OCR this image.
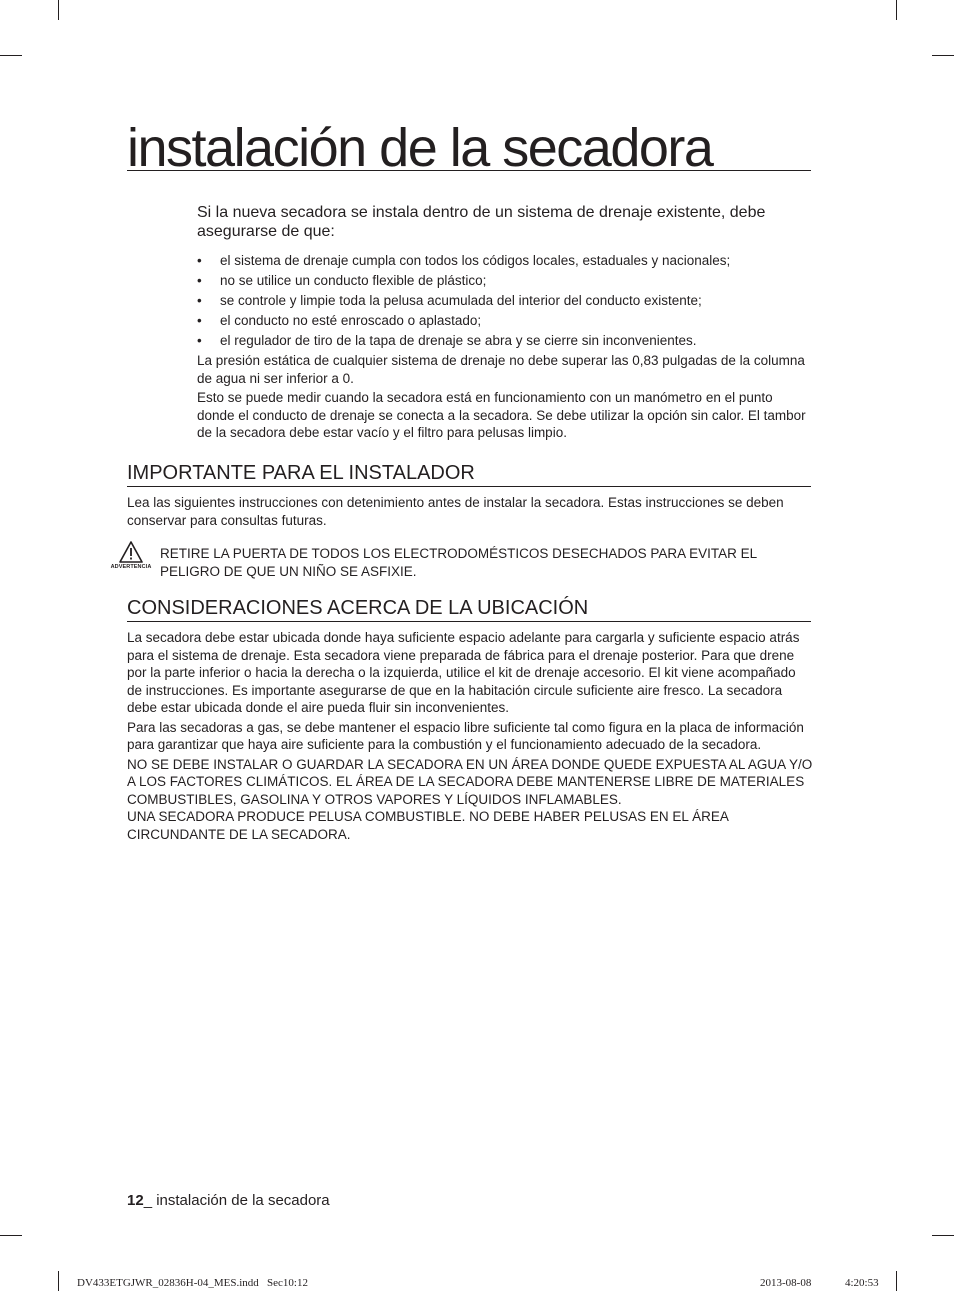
instalación de la secadora

Si la nueva secadora se instala dentro de un sistema de drenaje existente, debe asegurarse de que:

• el sistema de drenaje cumpla con todos los códigos locales, estaduales y nacionales;
• no se utilice un conducto flexible de plástico;
• se controle y limpie toda la pelusa acumulada del interior del conducto existente;
• el conducto no esté enroscado o aplastado;
• el regulador de tiro de la tapa de drenaje se abra y se cierre sin inconvenientes.

La presión estática de cualquier sistema de drenaje no debe superar las 0,83 pulgadas de la columna de agua ni ser inferior a 0.

Esto se puede medir cuando la secadora está en funcionamiento con un manómetro en el punto donde el conducto de drenaje se conecta a la secadora. Se debe utilizar la opción sin calor. El tambor de la secadora debe estar vacío y el filtro para pelusas limpio.

IMPORTANTE PARA EL INSTALADOR

Lea las siguientes instrucciones con detenimiento antes de instalar la secadora. Estas instrucciones se deben conservar para consultas futuras.

ADVERTENCIA

RETIRE LA PUERTA DE TODOS LOS ELECTRODOMÉSTICOS DESECHADOS PARA EVITAR EL PELIGRO DE QUE UN NIÑO SE ASFIXIE.

CONSIDERACIONES ACERCA DE LA UBICACIÓN

La secadora debe estar ubicada donde haya suficiente espacio adelante para cargarla y suficiente espacio atrás para el sistema de drenaje. Esta secadora viene preparada de fábrica para el drenaje posterior. Para que drene por la parte inferior o hacia la derecha o la izquierda, utilice el kit de drenaje accesorio. El kit viene acompañado de instrucciones. Es importante asegurarse de que en la habitación circule suficiente aire fresco. La secadora debe estar ubicada donde el aire pueda fluir sin inconvenientes.

Para las secadoras a gas, se debe mantener el espacio libre suficiente tal como figura en la placa de información para garantizar que haya aire suficiente para la combustión y el funcionamiento adecuado de la secadora.

NO SE DEBE INSTALAR O GUARDAR LA SECADORA EN UN ÁREA DONDE QUEDE EXPUESTA AL AGUA Y/O A LOS FACTORES CLIMÁTICOS. EL ÁREA DE LA SECADORA DEBE MANTENERSE LIBRE DE MATERIALES COMBUSTIBLES, GASOLINA Y OTROS VAPORES Y LÍQUIDOS INFLAMABLES.

UNA SECADORA PRODUCE PELUSA COMBUSTIBLE. NO DEBE HABER PELUSAS EN EL ÁREA CIRCUNDANTE DE LA SECADORA.

12_ instalación de la secadora
DV433ETGJWR_02836H-04_MES.indd   Sec10:12	2013-08-08	4:20:53
